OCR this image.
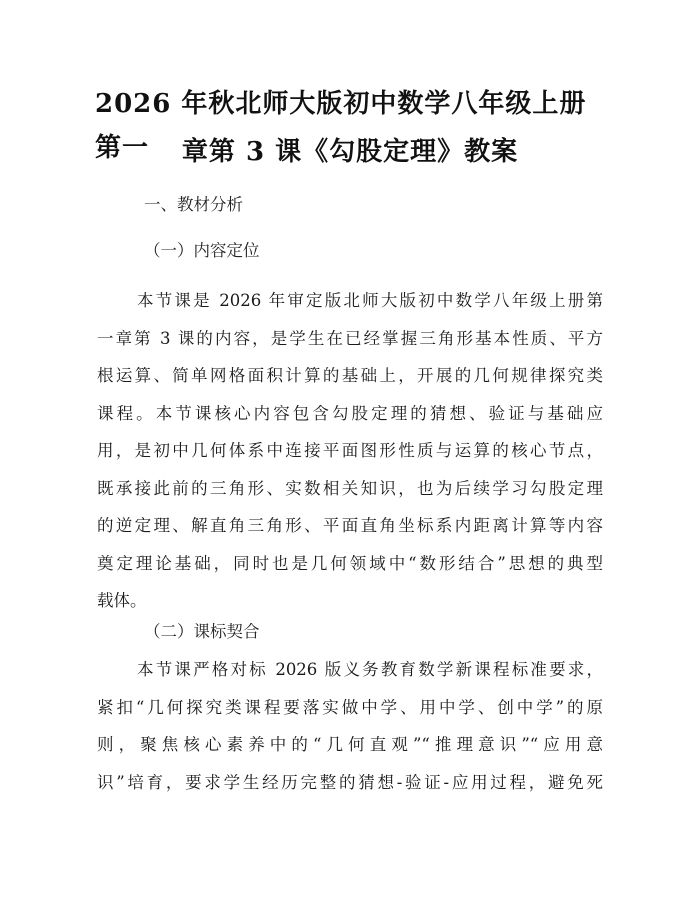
2026 年秋北师大版初中数学八年级上册第一	章第 3 课《勾股定理》教案
一、教材分析
（一）内容定位
本节课是 2026 年审定版北师大版初中数学八年级上册第
一章第 3 课的内容，是学生在已经掌握三角形基本性质、平方
根运算、简单网格面积计算的基础上，开展的几何规律探究类
课程。本节课核心内容包含勾股定理的猜想、验证与基础应
用，是初中几何体系中连接平面图形性质与运算的核心节点，
既承接此前的三角形、实数相关知识，也为后续学习勾股定理
的逆定理、解直角三角形、平面直角坐标系内距离计算等内容
奠定理论基础，同时也是几何领域中“数形结合”思想的典型
载体。
（二）课标契合
本节课严格对标 2026 版义务教育数学新课程标准要求，
紧扣“几何探究类课程要落实做中学、用中学、创中学”的原
则，聚焦核心素养中的“几何直观”“推理意识”“应用意
识”培育，要求学生经历完整的猜想-验证-应用过程，避免死
